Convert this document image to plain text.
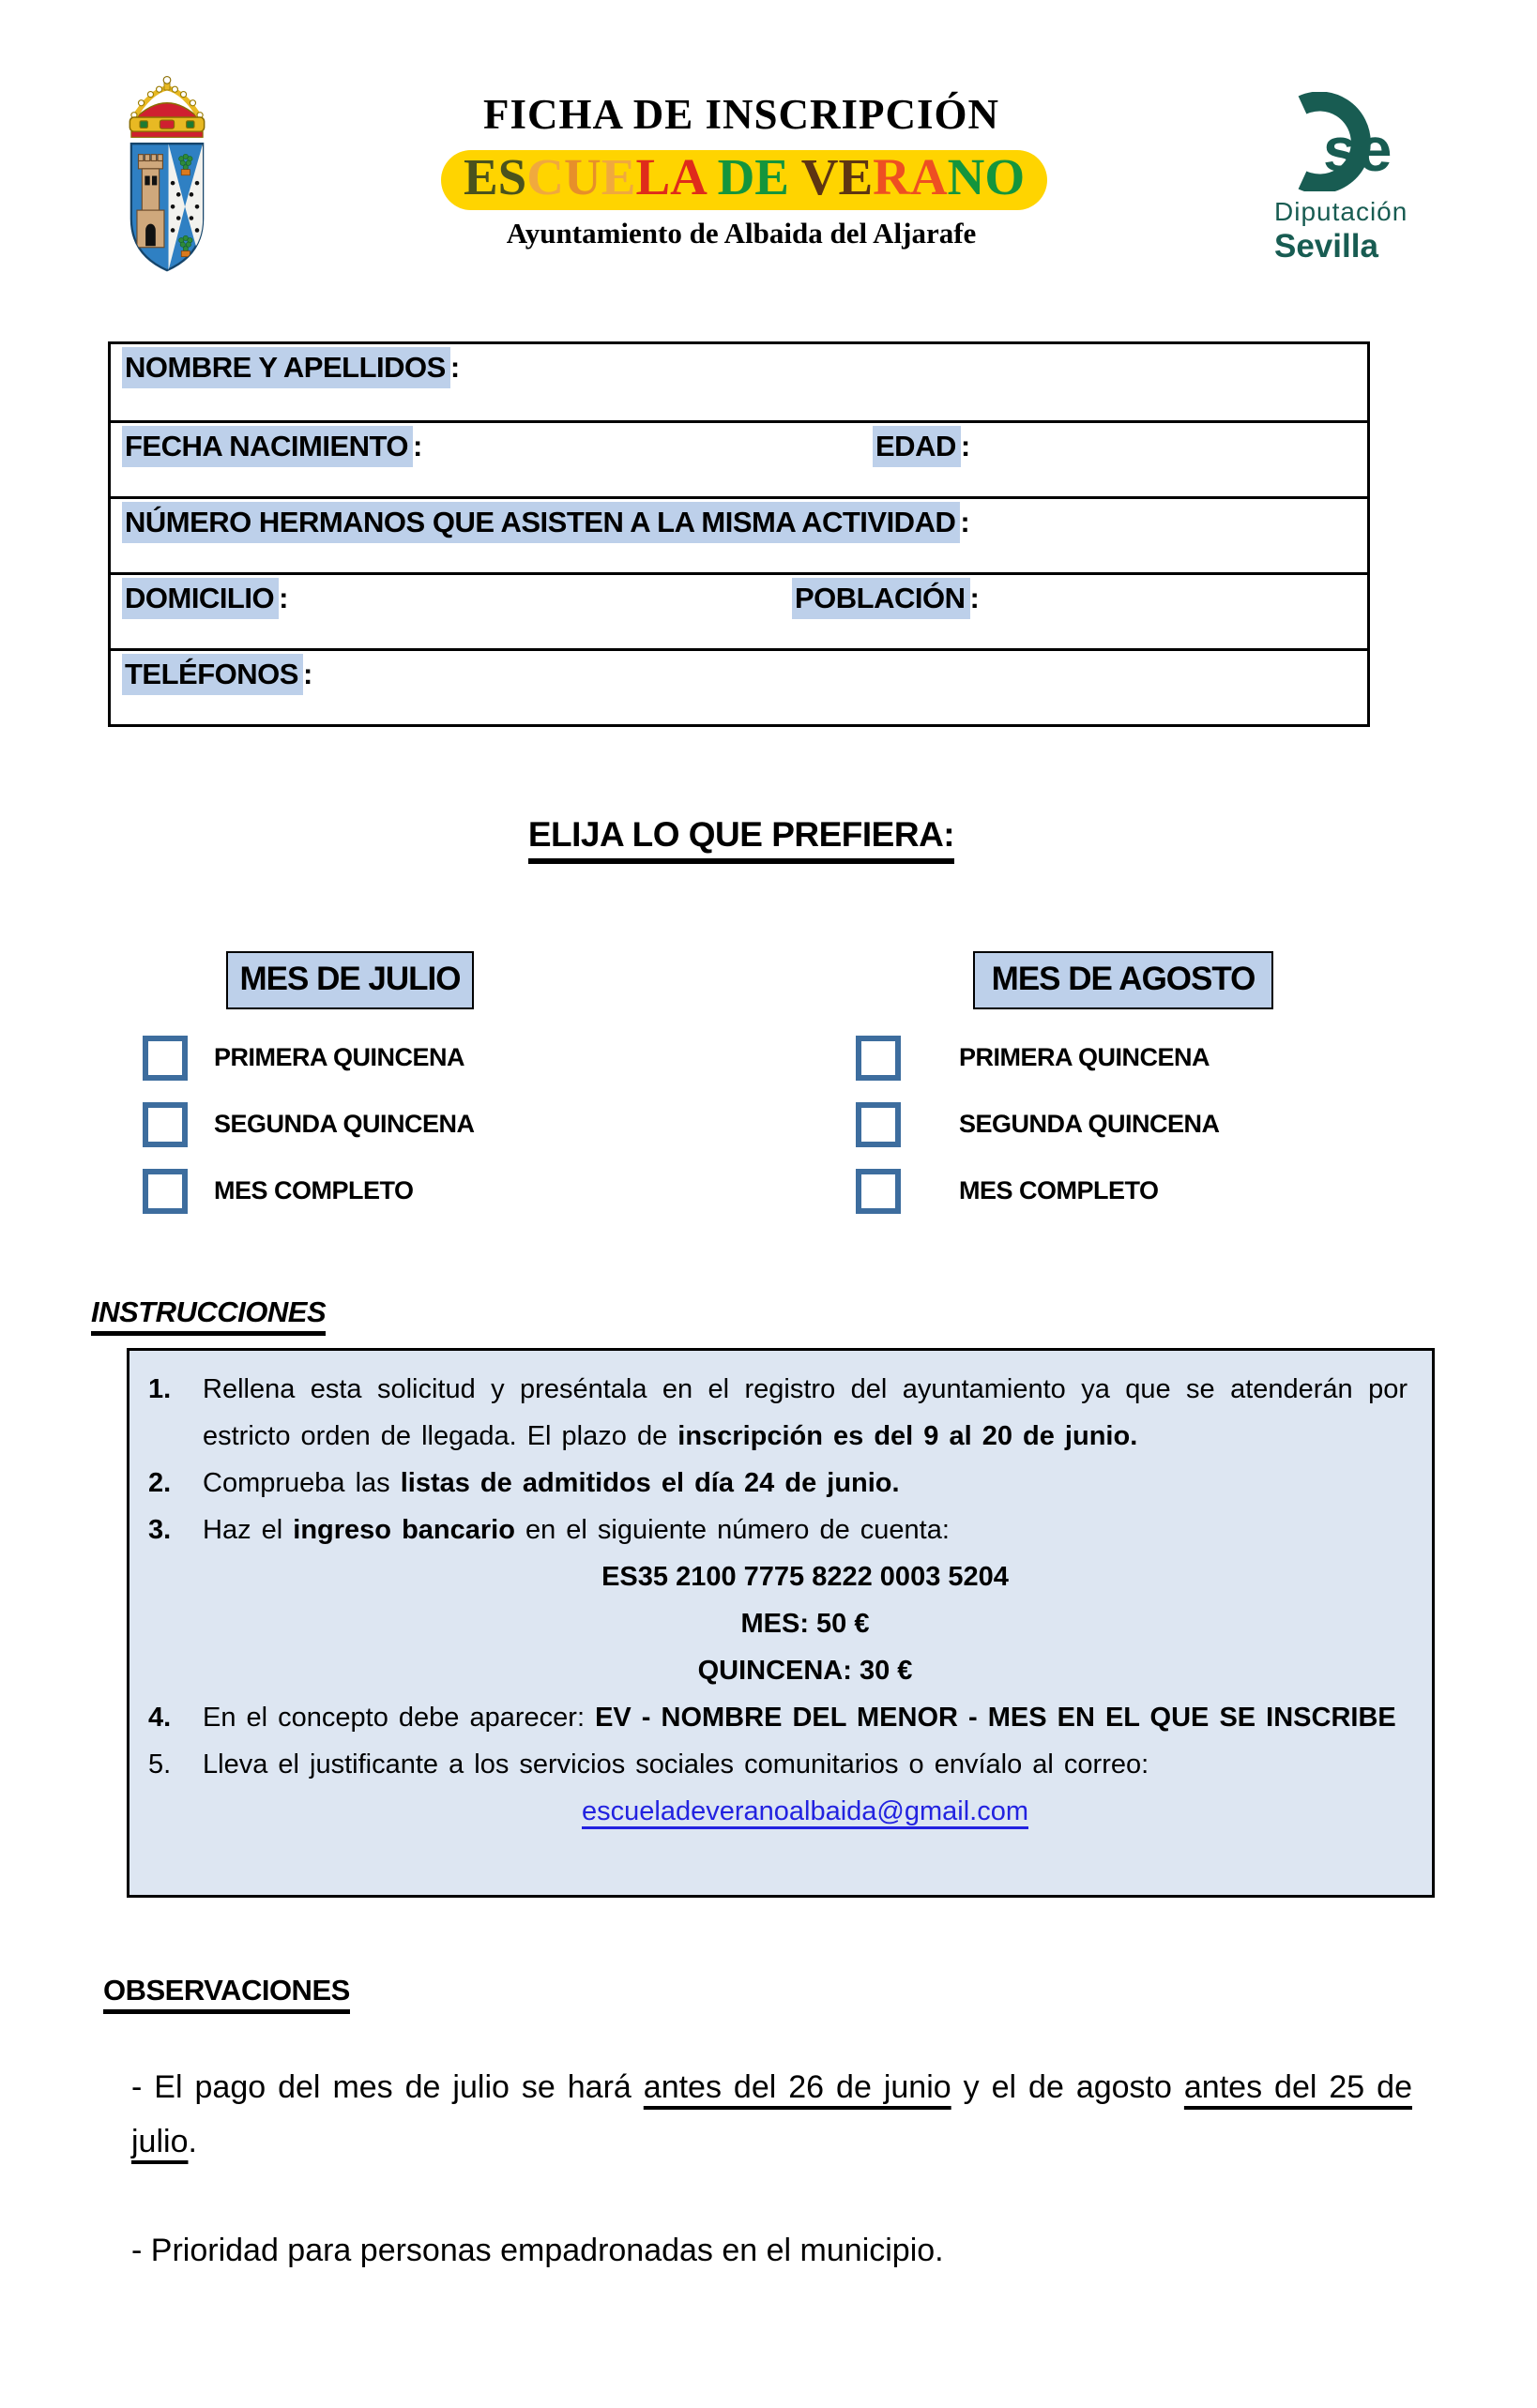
FICHA DE INSCRIPCIÓN
ESCUELA DE VERANO
Ayuntamiento de Albaida del Aljarafe
se
Diputación
Sevilla
NOMBRE Y APELLIDOS :
FECHA NACIMIENTO :	EDAD :
NÚMERO HERMANOS QUE ASISTEN A LA MISMA ACTIVIDAD :
DOMICILIO :	POBLACIÓN :
TELÉFONOS :
ELIJA LO QUE PREFIERA:
MES DE JULIO
PRIMERA QUINCENA
SEGUNDA QUINCENA
MES COMPLETO
MES DE AGOSTO
PRIMERA QUINCENA
SEGUNDA QUINCENA
MES COMPLETO
INSTRUCCIONES
1.	Rellena esta solicitud y preséntala en el registro del ayuntamiento ya que se atenderán por estricto orden de llegada. El plazo de inscripción es del 9 al 20 de junio.
2.	Comprueba las listas de admitidos el día 24 de junio.
3.	Haz el ingreso bancario en el siguiente número de cuenta:
ES35 2100 7775 8222 0003 5204
MES: 50 €
QUINCENA: 30 €
4.	En el concepto debe aparecer: EV - NOMBRE DEL MENOR - MES EN EL QUE SE INSCRIBE
5.	Lleva el justificante a los servicios sociales comunitarios o envíalo al correo:
escueladeveranoalbaida@gmail.com
OBSERVACIONES
- El pago del mes de julio se hará antes del 26 de junio y el de agosto antes del 25 de julio.
- Prioridad para personas empadronadas en el municipio.
